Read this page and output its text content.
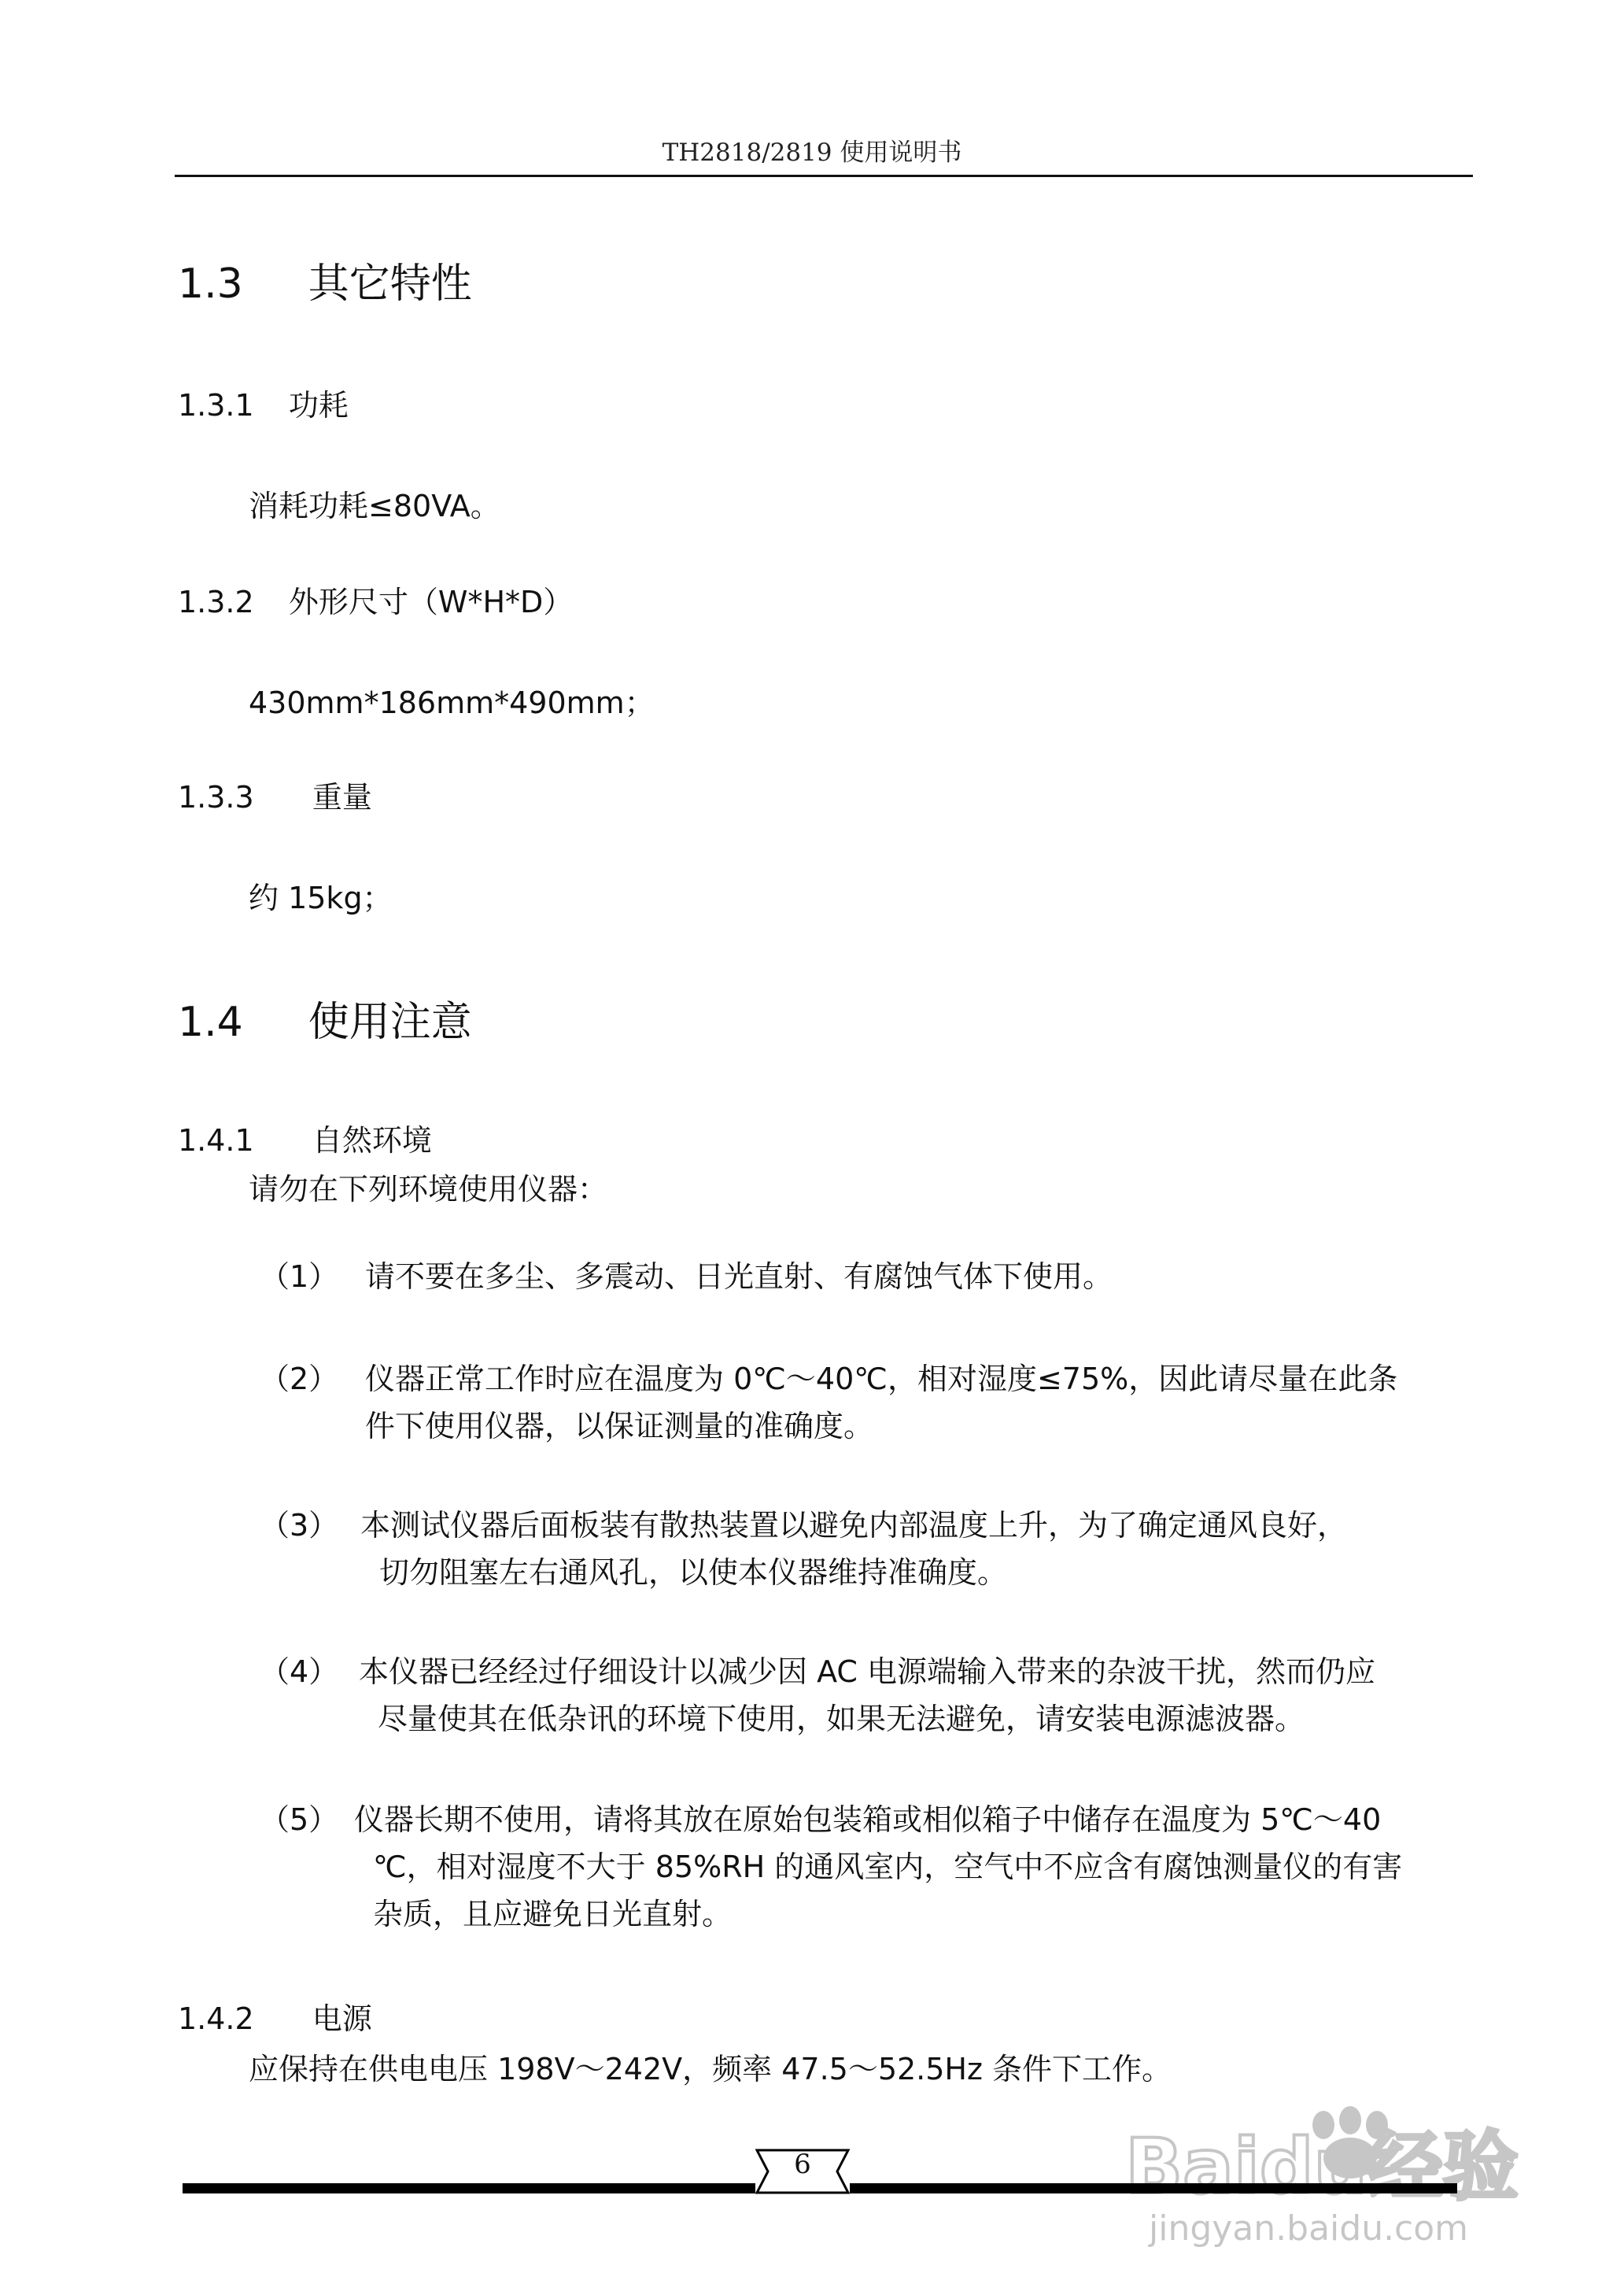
TH2818/2819 使用说明书
1.3 其它特性
1.3.1 功耗
消耗功耗≤80VA。
1.3.2 外形尺寸（W*H*D）
430mm*186mm*490mm；
1.3.3 重量
约 15kg；
1.4 使用注意
1.4.1 自然环境
请勿在下列环境使用仪器：
（1） 请不要在多尘、多震动、日光直射、有腐蚀气体下使用。
（2） 仪器正常工作时应在温度为 0℃～40℃，相对湿度≤75%，因此请尽量在此条
件下使用仪器，以保证测量的准确度。
（3） 本测试仪器后面板装有散热装置以避免内部温度上升，为了确定通风良好，
切勿阻塞左右通风孔，以使本仪器维持准确度。
（4） 本仪器已经经过仔细设计以减少因 AC 电源端输入带来的杂波干扰，然而仍应
尽量使其在低杂讯的环境下使用，如果无法避免，请安装电源滤波器。
（5） 仪器长期不使用，请将其放在原始包装箱或相似箱子中储存在温度为 5℃～40
℃，相对湿度不大于 85%RH 的通风室内，空气中不应含有腐蚀测量仪的有害
杂质，且应避免日光直射。
1.4.2 电源
应保持在供电电压 198V～242V，频率 47.5～52.5Hz 条件下工作。
6	Baidu经验
jingyan.baidu.com
